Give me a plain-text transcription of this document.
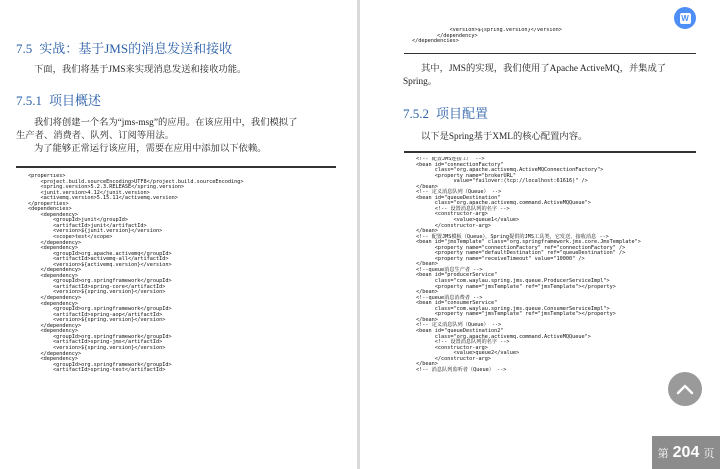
7.5 实战：基于JMS的消息发送和接收

下面，我们将基于JMS来实现消息发送和接收功能。

7.5.1 项目概述

我们将创建一个名为“jms-msg”的应用。在该应用中，我们模拟了生产者、消费者、队列、订阅等用法。

为了能够正常运行该应用，需要在应用中添加以下依赖。

<properties>
<project.build.sourceEncoding>UTF8</project.build.sourceEncoding>
<spring.version>5.2.3.RELEASE</spring.version>
<junit.version>4.12</junit.version>
<activemq.version>5.15.11</activemq.version>
</properties>
<dependencies>
<dependency>
<groupId>junit</groupId>
<artifactId>junit</artifactId>
<version>${junit.version}</version>
<scope>test</scope>
</dependency>
<dependency>
<groupId>org.apache.activemq</groupId>
<artifactId>activemq-all</artifactId>
<version>${activemq.version}</version>
</dependency>
<dependency>
<groupId>org.springframework</groupId>
<artifactId>spring-core</artifactId>
<version>${spring.version}</version>
</dependency>
<dependency>
<groupId>org.springframework</groupId>
<artifactId>spring-aop</artifactId>
<version>${spring.version}</version>
</dependency>
<dependency>
<groupId>org.springframework</groupId>
<artifactId>spring-jms</artifactId>
<version>${spring.version}</version>
</dependency>
<dependency>
<groupId>org.springframework</groupId>
<artifactId>spring-test</artifactId>
<version>${spring.version}</version>
</dependency>
</dependencies>

其中，JMS的实现，我们使用了Apache ActiveMQ，并集成了Spring。

7.5.2 项目配置

以下是Spring基于XML的核心配置内容。

<!-- 配置JMS连接工厂 -->
<bean id="connectionFactory"
class="org.apache.activemq.ActiveMQConnectionFactory">
<property name="brokerURL"
value="failover:(tcp://localhost:61616)" />
</bean>
<!-- 定义消息队列（Queue） -->
<bean id="queueDestination"
class="org.apache.activemq.command.ActiveMQQueue">
<!-- 设置消息队列的名字 -->
<constructor-arg>
<value>queue1</value>
</constructor-arg>
</bean>
<!-- 配置JMS模板（Queue），Spring提供的JMS工具类，它发送、接收消息 -->
<bean id="jmsTemplate" class="org.springframework.jms.core.JmsTemplate">
<property name="connectionFactory" ref="connectionFactory" />
<property name="defaultDestination" ref="queueDestination" />
<property name="receiveTimeout" value="10000" />
</bean>
<!--queue消息生产者 -->
<bean id="producerService"
class="com.waylau.spring.jms.queue.ProducerServiceImpl">
<property name="jmsTemplate" ref="jmsTemplate"></property>
</bean>
<!--queue消息消费者 -->
<bean id="consumerService"
class="com.waylau.spring.jms.queue.ConsumerServiceImpl">
<property name="jmsTemplate" ref="jmsTemplate"></property>
</bean>
<!-- 定义消息队列（Queue） -->
<bean id="queueDestination2"
class="org.apache.activemq.command.ActiveMQQueue">
<!-- 设置消息队列的名字 -->
<constructor-arg>
<value>queue2</value>
</constructor-arg>
</bean>
<!-- 消息队列监听者（Queue） -->
W
第 204 页
